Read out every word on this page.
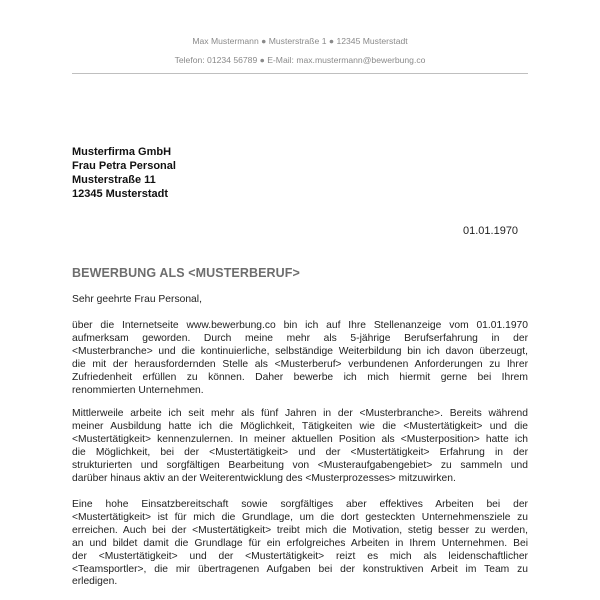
Max Mustermann ● Musterstraße 1 ● 12345 Musterstadt
Telefon: 01234 56789 ● E-Mail: max.mustermann@bewerbung.co
Musterfirma GmbH
Frau Petra Personal
Musterstraße 11
12345 Musterstadt
01.01.1970
BEWERBUNG ALS <MUSTERBERUF>
Sehr geehrte Frau Personal,
über die Internetseite www.bewerbung.co bin ich auf Ihre Stellenanzeige vom 01.01.1970
aufmerksam geworden. Durch meine mehr als 5-jährige Berufserfahrung in der
<Musterbranche> und die kontinuierliche, selbständige Weiterbildung bin ich davon überzeugt,
die mit der herausfordernden Stelle als <Musterberuf> verbundenen Anforderungen zu Ihrer
Zufriedenheit erfüllen zu können. Daher bewerbe ich mich hiermit gerne bei Ihrem
renommierten Unternehmen.
Mittlerweile arbeite ich seit mehr als fünf Jahren in der <Musterbranche>. Bereits während
meiner Ausbildung hatte ich die Möglichkeit, Tätigkeiten wie die <Mustertätigkeit> und die
<Mustertätigkeit> kennenzulernen. In meiner aktuellen Position als <Musterposition> hatte ich
die Möglichkeit, bei der <Mustertätigkeit> und der <Mustertätigkeit> Erfahrung in der
strukturierten und sorgfältigen Bearbeitung von <Musteraufgabengebiet> zu sammeln und
darüber hinaus aktiv an der Weiterentwicklung des <Musterprozesses> mitzuwirken.
Eine hohe Einsatzbereitschaft sowie sorgfältiges aber effektives Arbeiten bei der
<Mustertätigkeit> ist für mich die Grundlage, um die dort gesteckten Unternehmensziele zu
erreichen. Auch bei der <Mustertätigkeit> treibt mich die Motivation, stetig besser zu werden,
an und bildet damit die Grundlage für ein erfolgreiches Arbeiten in Ihrem Unternehmen. Bei
der <Mustertätigkeit> und der <Mustertätigkeit> reizt es mich als leidenschaftlicher
<Teamsportler>, die mir übertragenen Aufgaben bei der konstruktiven Arbeit im Team zu
erledigen.
